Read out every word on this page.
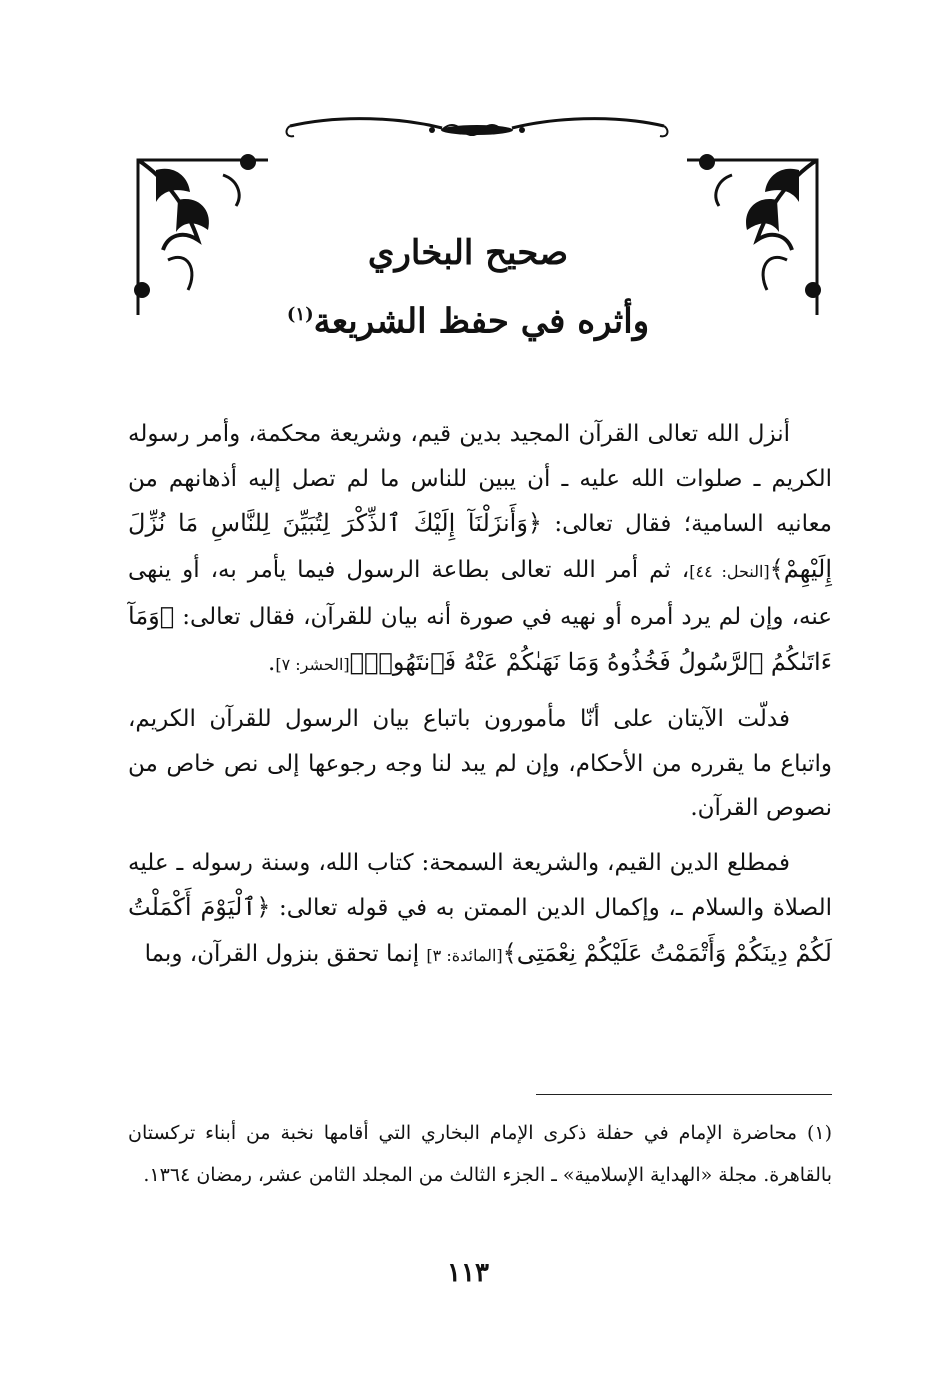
صحيح البخاري
وأثره في حفظ الشريعة$^{(١)}$

أنزل الله تعالى القرآن المجيد بدين قيم، وشريعة محكمة، وأمر رسوله الكريم ـ صلوات الله عليه ـ أن يبين للناس ما لم تصل إليه أذهانهم من معانيه السامية؛ فقال تعالى: ﴿وَأَنزَلْنَآ إِلَيْكَ ٱلذِّكْرَ لِتُبَيِّنَ لِلنَّاسِ مَا نُزِّلَ إِلَيْهِمْ﴾[النحل: ٤٤]، ثم أمر الله تعالى بطاعة الرسول فيما يأمر به، أو ينهى عنه، وإن لم يرد أمره أو نهيه في صورة أنه بيان للقرآن، فقال تعالى: ﴿وَمَآ ءَاتَىٰكُمُ ٱلرَّسُولُ فَخُذُوهُ وَمَا نَهَىٰكُمْ عَنْهُ فَٱنتَهُوا۟﴾[الحشر: ٧].

فدلّت الآيتان على أنّا مأمورون باتباع بيان الرسول للقرآن الكريم، واتباع ما يقرره من الأحكام، وإن لم يبد لنا وجه رجوعها إلى نص خاص من نصوص القرآن.

فمطلع الدين القيم، والشريعة السمحة: كتاب الله، وسنة رسوله ـ عليه الصلاة والسلام ـ، وإكمال الدين الممتن به في قوله تعالى: ﴿ٱلْيَوْمَ أَكْمَلْتُ لَكُمْ دِينَكُمْ وَأَتْمَمْتُ عَلَيْكُمْ نِعْمَتِى﴾[المائدة: ٣] إنما تحقق بنزول القرآن، وبما

(١) محاضرة الإمام في حفلة ذكرى الإمام البخاري التي أقامها نخبة من أبناء تركستان بالقاهرة. مجلة «الهداية الإسلامية» ـ الجزء الثالث من المجلد الثامن عشر، رمضان ١٣٦٤.

١١٣
